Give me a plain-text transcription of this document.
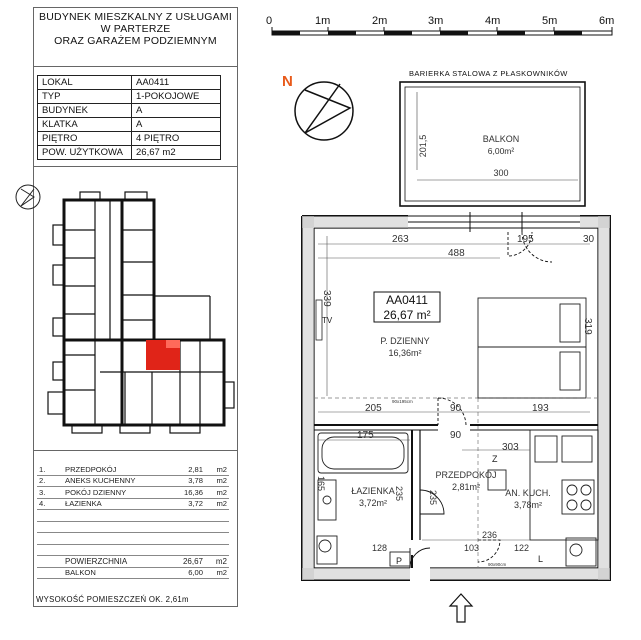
BUDYNEK MIESZKALNY Z USŁUGAMI
W PARTERZE
ORAZ GARAŻEM PODZIEMNYM
LOKAL	AA0411
TYP	1-POKOJOWE
BUDYNEK	A
KLATKA	A
PIĘTRO	4 PIĘTRO
POW. UŻYTKOWA	26,67 m2
1.	PRZEDPOKÓJ	2,81	m2
2.	ANEKS KUCHENNY	3,78	m2
3.	POKÓJ DZIENNY	16,36	m2
4.	ŁAZIENKA	3,72	m2

	POWIERZCHNIA	26,67	m2
	BALKON	6,00	m2
WYSOKOŚĆ POMIESZCZEŃ OK. 2,61m
0	1m	2m	3m	4m	5m	6m
N	BARIERKA STALOWA Z PŁASKOWNIKÓW
BALKON
6,00m²
201,5
300
263	195	30
488
339
319
205	90	193
175	90
303
165
235	235
236
128	103	122
90x195cm
90x90cm
TV
AA0411
26,67 m²
P. DZIENNY
16,36m²
ŁAZIENKA
3,72m²
PRZEDPOKÓJ
2,81m²
AN. KUCH.
3,78m²
Z
P	L
